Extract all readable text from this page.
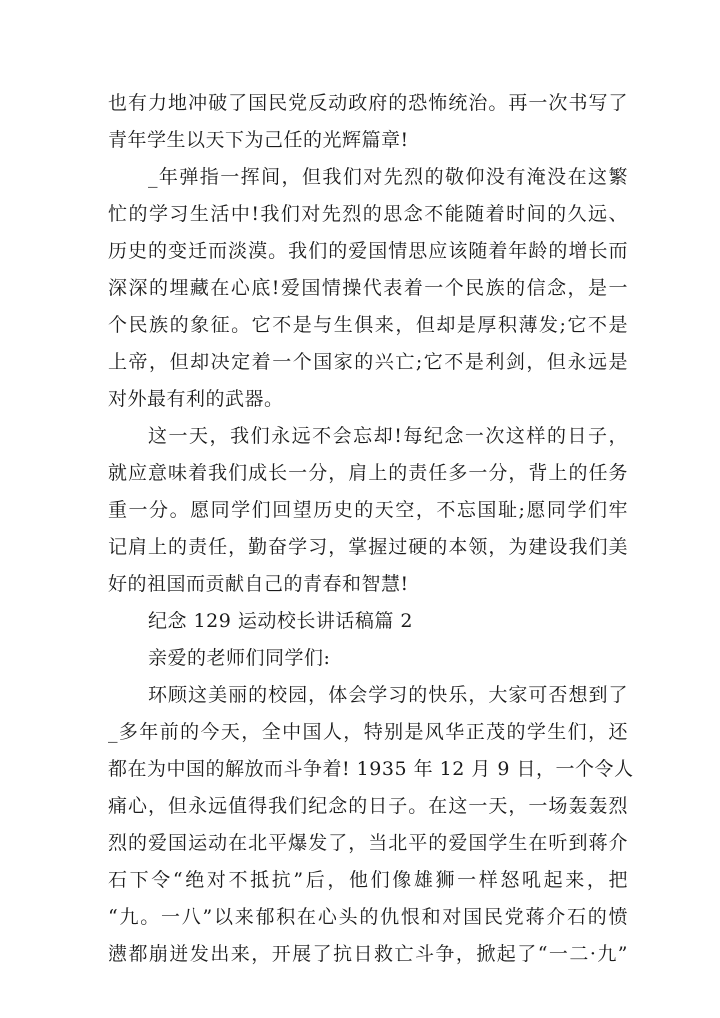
也有力地冲破了国民党反动政府的恐怖统治。再一次书写了
青年学生以天下为己任的光辉篇章!
_年弹指一挥间，但我们对先烈的敬仰没有淹没在这繁
忙的学习生活中!我们对先烈的思念不能随着时间的久远、
历史的变迁而淡漠。我们的爱国情思应该随着年龄的增长而
深深的埋藏在心底!爱国情操代表着一个民族的信念，是一
个民族的象征。它不是与生俱来，但却是厚积薄发;它不是
上帝，但却决定着一个国家的兴亡;它不是利剑，但永远是
对外最有利的武器。
这一天，我们永远不会忘却!每纪念一次这样的日子，
就应意味着我们成长一分，肩上的责任多一分，背上的任务
重一分。愿同学们回望历史的天空，不忘国耻;愿同学们牢
记肩上的责任，勤奋学习，掌握过硬的本领，为建设我们美
好的祖国而贡献自己的青春和智慧!
纪念 129 运动校长讲话稿篇 2
亲爱的老师们同学们:
环顾这美丽的校园，体会学习的快乐，大家可否想到了
_多年前的今天，全中国人，特别是风华正茂的学生们，还
都在为中国的解放而斗争着! 1935 年 12 月 9 日，一个令人
痛心，但永远值得我们纪念的日子。在这一天，一场轰轰烈
烈的爱国运动在北平爆发了，当北平的爱国学生在听到蒋介
石下令“绝对不抵抗”后，他们像雄狮一样怒吼起来，把
“九。一八”以来郁积在心头的仇恨和对国民党蒋介石的愤
懑都崩迸发出来，开展了抗日救亡斗争，掀起了“一二·九”
